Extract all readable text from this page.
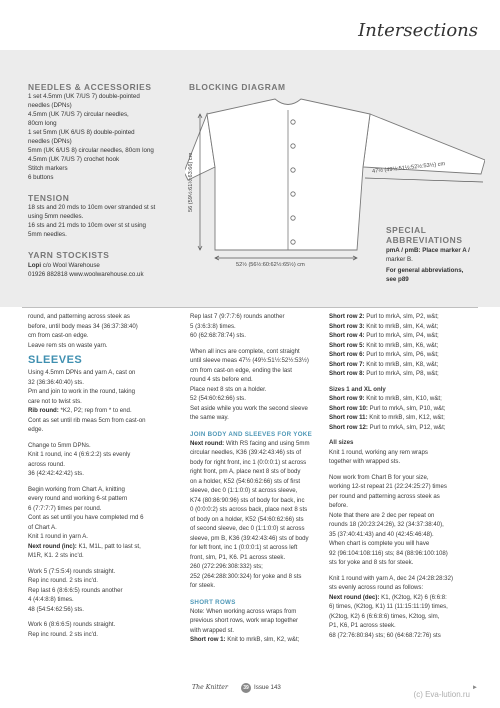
Intersections
NEEDLES & ACCESSORIES
1 set 4.5mm (UK 7/US 7) double-pointed
needles (DPNs)
4.5mm (UK 7/US 7) circular needles,
80cm long
1 set 5mm (UK 6/US 8) double-pointed
needles (DPNs)
5mm (UK 6/US 8) circular needles, 80cm long
4.5mm (UK 7/US 7) crochet hook
Stitch markers
6 buttons
TENSION
18 sts and 20 rnds to 10cm over stranded st st
using 5mm needles.
16 sts and 21 rnds to 10cm over st st using
5mm needles.
YARN STOCKISTS
Lopi c/o Wool Warehouse
01926 882818 www.woolwarehouse.co.uk
BLOCKING DIAGRAM
56 (59½:61½:63:66) cm	47½ (49½:51½:52½:53½) cm
52½ (56½:60:62½:65½) cm
SPECIAL
ABBREVIATIONS
pmA / pmB: Place marker A /
marker B.
For general abbreviations,
see p89
round, and patterning across steek as
before, until body meas 34 (36:37:38:40)
cm from cast-on edge.
Leave rem sts on waste yarn.
SLEEVES
Using 4.5mm DPNs and yarn A, cast on
32 (36:36:40:40) sts.
Pm and join to work in the round, taking
care not to twist sts.
Rib round: *K2, P2; rep from * to end.
Cont as set until rib meas 5cm from cast-on
edge.
Change to 5mm DPNs.
Knit 1 round, inc 4 (6:6:2:2) sts evenly
across round.
36 (42:42:42:42) sts.
Begin working from Chart A, knitting
every round and working 6-st pattern
6 (7:7:7:7) times per round.
Cont as set until you have completed rnd 6
of Chart A.
Knit 1 round in yarn A.
Next round (inc): K1, M1L, patt to last st,
M1R, K1. 2 sts inc'd.
Work 5 (7:5:5:4) rounds straight.
Rep inc round. 2 sts inc'd.
Rep last 6 (8:6:6:5) rounds another
4 (4:4:8:8) times.
48 (54:54:62:56) sts.
Work 6 (8:6:6:5) rounds straight.
Rep inc round. 2 sts inc'd.
Rep last 7 (9:7:7:6) rounds another
5 (3:6:3:8) times.
60 (62:68:78:74) sts.
When all incs are complete, cont straight
until sleeve meas 47½ (49½:51½:52½:53½)
cm from cast-on edge, ending the last
round 4 sts before end.
Place next 8 sts on a holder.
52 (54:60:62:66) sts.
Set aside while you work the second sleeve
the same way.
JOIN BODY AND SLEEVES FOR YOKE
Next round: With RS facing and using 5mm
circular needles, K36 (39:42:43:46) sts of
body for right front, inc 1 (0:0:0:1) st across
right front, pm A, place next 8 sts of body
on a holder, K52 (54:60:62:66) sts of first
sleeve, dec 0 (1:1:0:0) st across sleeve,
K74 (80:86:90:96) sts of body for back, inc
0 (0:0:0:2) sts across back, place next 8 sts
of body on a holder, K52 (54:60:62:66) sts
of second sleeve, dec 0 (1:1:0:0) st across
sleeve, pm B, K36 (39:42:43:46) sts of body
for left front, inc 1 (0:0:0:1) st across left
front, slm, P1, K6. P1 across steek.
260 (272:296:308:332) sts;
252 (264:288:300:324) for yoke and 8 sts
for steek.
SHORT ROWS
Note: When working across wraps from
previous short rows, work wrap together
with wrapped st.
Short row 1: Knit to mrkB, slm, K2, w&t;
Short row 2: Purl to mrkA, slm, P2, w&t;
Short row 3: Knit to mrkB, slm, K4, w&t;
Short row 4: Purl to mrkA, slm, P4, w&t;
Short row 5: Knit to mrkB, slm, K6, w&t;
Short row 6: Purl to mrkA, slm, P6, w&t;
Short row 7: Knit to mrkB, slm, K8, w&t;
Short row 8: Purl to mrkA, slm, P8, w&t;
Sizes 1 and XL only
Short row 9: Knit to mrkB, slm, K10, w&t;
Short row 10: Purl to mrkA, slm, P10, w&t;
Short row 11: Knit to mrkB, slm, K12, w&t;
Short row 12: Purl to mrkA, slm, P12, w&t;
All sizes
Knit 1 round, working any rem wraps
together with wrapped sts.
Now work from Chart B for your size,
working 12-st repeat 21 (22:24:25:27) times
per round and patterning across steek as
before.
Note that there are 2 dec per repeat on
rounds 18 (20:23:24:26), 32 (34:37:38:40),
35 (37:40:41:43) and 40 (42:45:46:48).
When chart is complete you will have
92 (96:104:108:116) sts; 84 (88:96:100:108)
sts for yoke and 8 sts for steek.
Knit 1 round with yarn A, dec 24 (24:28:28:32)
sts evenly across round as follows:
Next round (dec): K1, (K2tog, K2) 6 (6:6:8:
6) times, (K2tog, K1) 11 (11:15:11:19) times,
(K2tog, K2) 6 (6:6:8:6) times, K2tog, slm,
P1, K6, P1 across steek.
68 (72:76:80:84) sts; 60 (64:68:72:76) sts
The Knitter	39 Issue 143	►
(c) Eva-lution.ru
